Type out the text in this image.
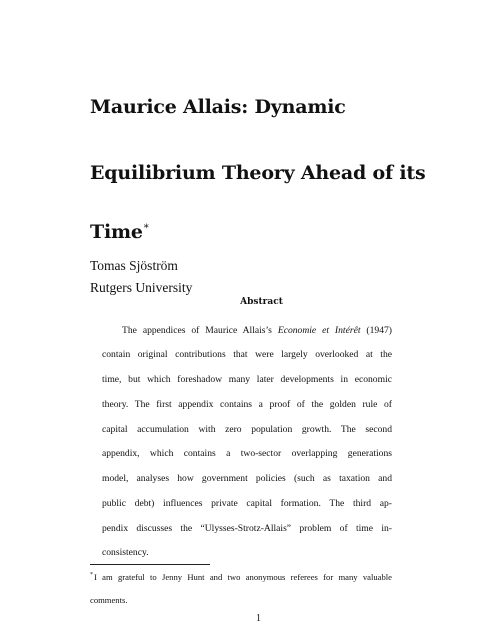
Maurice Allais: Dynamic
Equilibrium Theory Ahead of its
Time*
Tomas Sjöström
Rutgers University
Abstract
The appendices of Maurice Allais’s Economie et Intérêt (1947)
contain original contributions that were largely overlooked at the
time, but which foreshadow many later developments in economic
theory. The first appendix contains a proof of the golden rule of
capital accumulation with zero population growth. The second
appendix, which contains a two-sector overlapping generations
model, analyses how government policies (such as taxation and
public debt) influences private capital formation. The third ap-
pendix discusses the “Ulysses-Strotz-Allais” problem of time in-
consistency.
*I am grateful to Jenny Hunt and two anonymous referees for many valuable
comments.
1
